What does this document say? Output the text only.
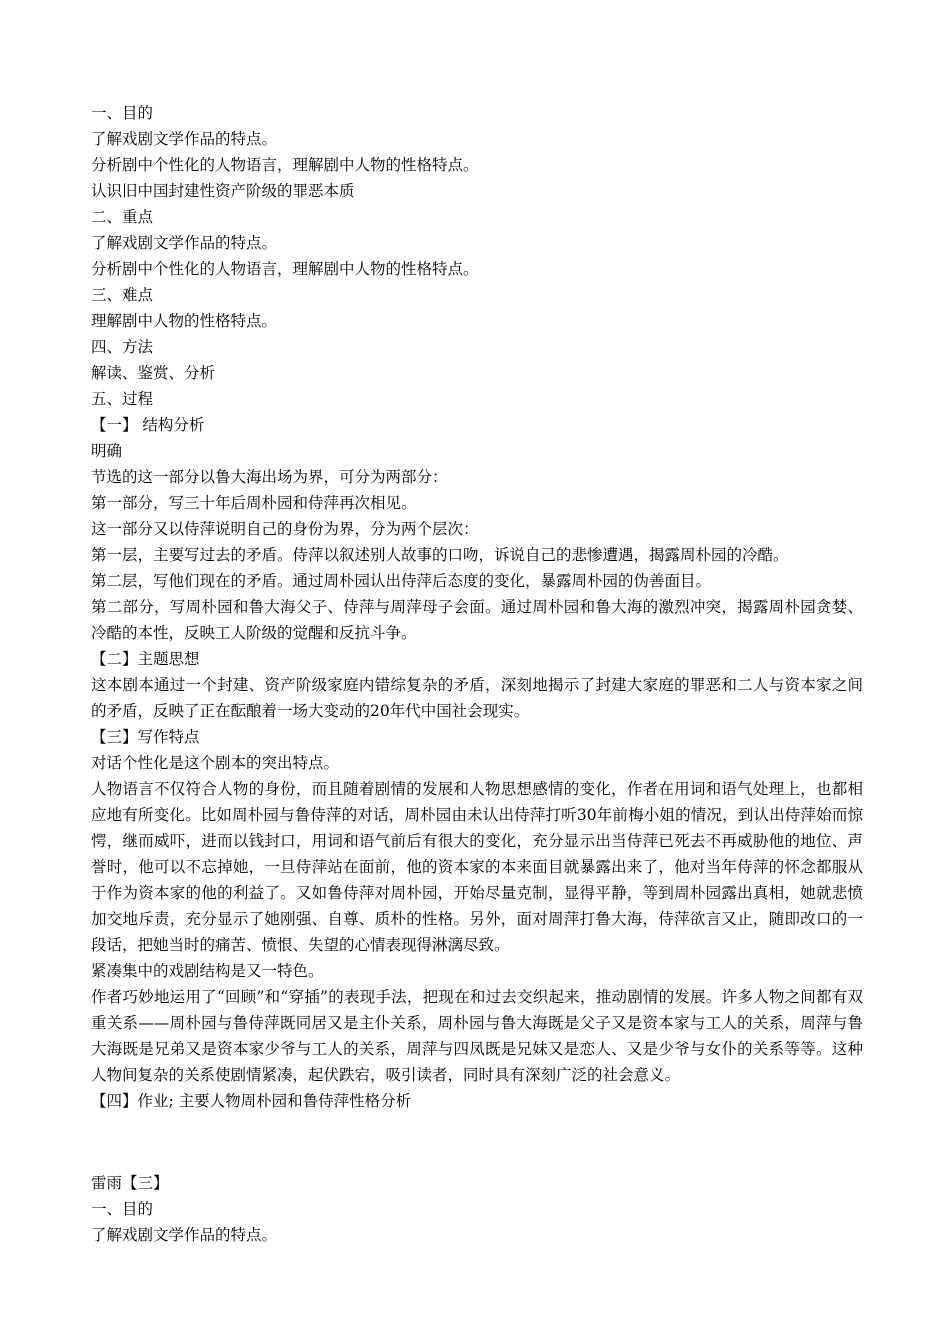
一、目的
了解戏剧文学作品的特点。
分析剧中个性化的人物语言，理解剧中人物的性格特点。
认识旧中国封建性资产阶级的罪恶本质
二、重点
了解戏剧文学作品的特点。
分析剧中个性化的人物语言，理解剧中人物的性格特点。
三、难点
理解剧中人物的性格特点。
四、方法
解读、鉴赏、分析
五、过程
【一】 结构分析
明确
节选的这一部分以鲁大海出场为界，可分为两部分：
第一部分，写三十年后周朴园和侍萍再次相见。
这一部分又以侍萍说明自己的身份为界，分为两个层次：
第一层，主要写过去的矛盾。侍萍以叙述别人故事的口吻，诉说自己的悲惨遭遇，揭露周朴园的冷酷。
第二层，写他们现在的矛盾。通过周朴园认出侍萍后态度的变化，暴露周朴园的伪善面目。
第二部分，写周朴园和鲁大海父子、侍萍与周萍母子会面。通过周朴园和鲁大海的激烈冲突，揭露周朴园贪婪、冷酷的本性，反映工人阶级的觉醒和反抗斗争。
【二】主题思想
这本剧本通过一个封建、资产阶级家庭内错综复杂的矛盾，深刻地揭示了封建大家庭的罪恶和二人与资本家之间的矛盾，反映了正在酝酿着一场大变动的20年代中国社会现实。
【三】写作特点
对话个性化是这个剧本的突出特点。
人物语言不仅符合人物的身份，而且随着剧情的发展和人物思想感情的变化，作者在用词和语气处理上，也都相应地有所变化。比如周朴园与鲁侍萍的对话，周朴园由未认出侍萍打听30年前梅小姐的情况，到认出侍萍始而惊愕，继而威吓，进而以钱封口，用词和语气前后有很大的变化，充分显示出当侍萍已死去不再威胁他的地位、声誉时，他可以不忘掉她，一旦侍萍站在面前，他的资本家的本来面目就暴露出来了，他对当年侍萍的怀念都服从于作为资本家的他的利益了。又如鲁侍萍对周朴园，开始尽量克制，显得平静，等到周朴园露出真相，她就悲愤加交地斥责，充分显示了她刚强、自尊、质朴的性格。另外，面对周萍打鲁大海，侍萍欲言又止，随即改口的一段话，把她当时的痛苦、愤恨、失望的心情表现得淋漓尽致。
紧凑集中的戏剧结构是又一特色。
作者巧妙地运用了“回顾”和“穿插”的表现手法，把现在和过去交织起来，推动剧情的发展。许多人物之间都有双重关系——周朴园与鲁侍萍既同居又是主仆关系，周朴园与鲁大海既是父子又是资本家与工人的关系，周萍与鲁大海既是兄弟又是资本家少爷与工人的关系，周萍与四凤既是兄妹又是恋人、又是少爷与女仆的关系等等。这种人物间复杂的关系使剧情紧凑，起伏跌宕，吸引读者，同时具有深刻广泛的社会意义。
【四】作业; 主要人物周朴园和鲁侍萍性格分析
雷雨【三】
一、目的
了解戏剧文学作品的特点。
